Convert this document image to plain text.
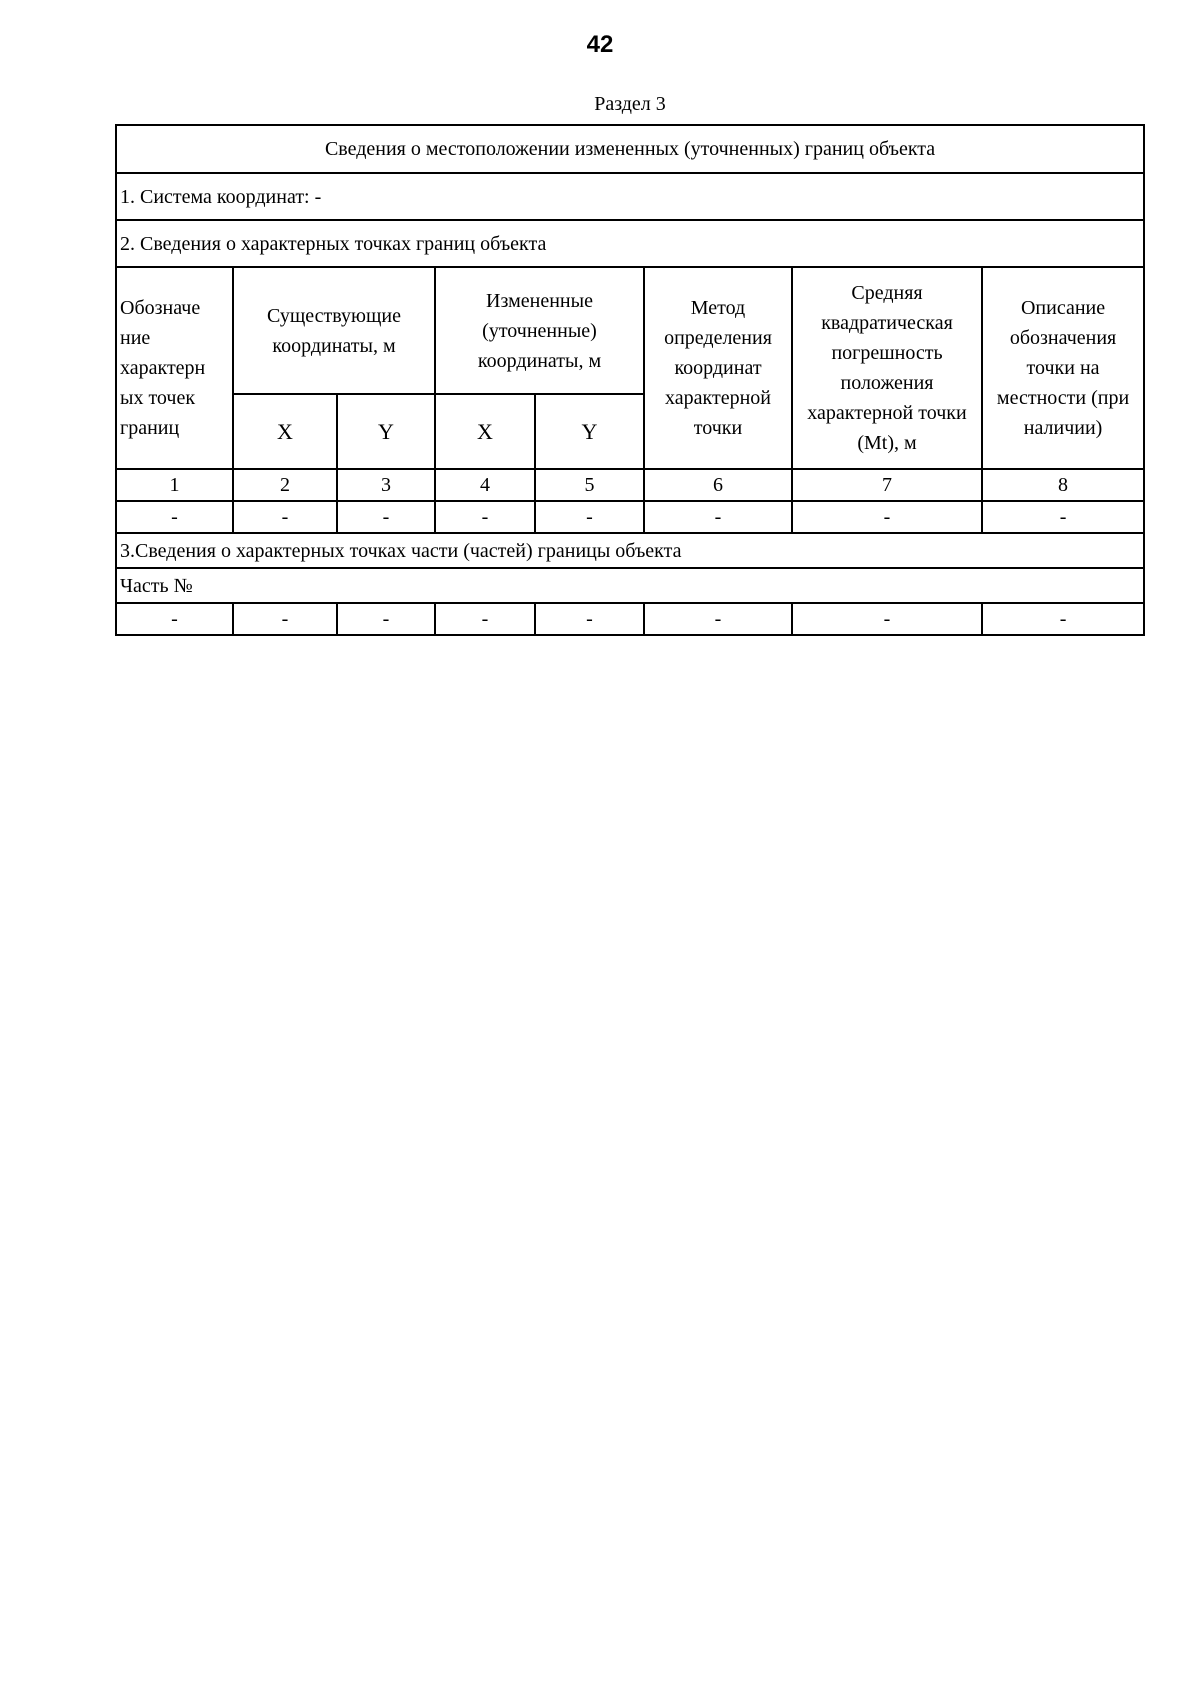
42
Раздел 3
Сведения о местоположении измененных (уточненных) границ объекта							
1. Система координат: -							
2. Сведения о характерных точках границ объекта							
Обозначе ние характерн ых точек границ	Существующие координаты, м		Измененные (уточненные) координаты, м		Метод определения координат характерной точки	Средняя квадратическая погрешность положения характерной точки (Mt), м	Описание обозначения точки на местности (при наличии)
	X	Y	X	Y			
1	2	3	4	5	6	7	8
-	-	-	-	-	-	-	-
3.Сведения о характерных точках части (частей) границы объекта							
Часть №							
-	-	-	-	-	-	-	-
